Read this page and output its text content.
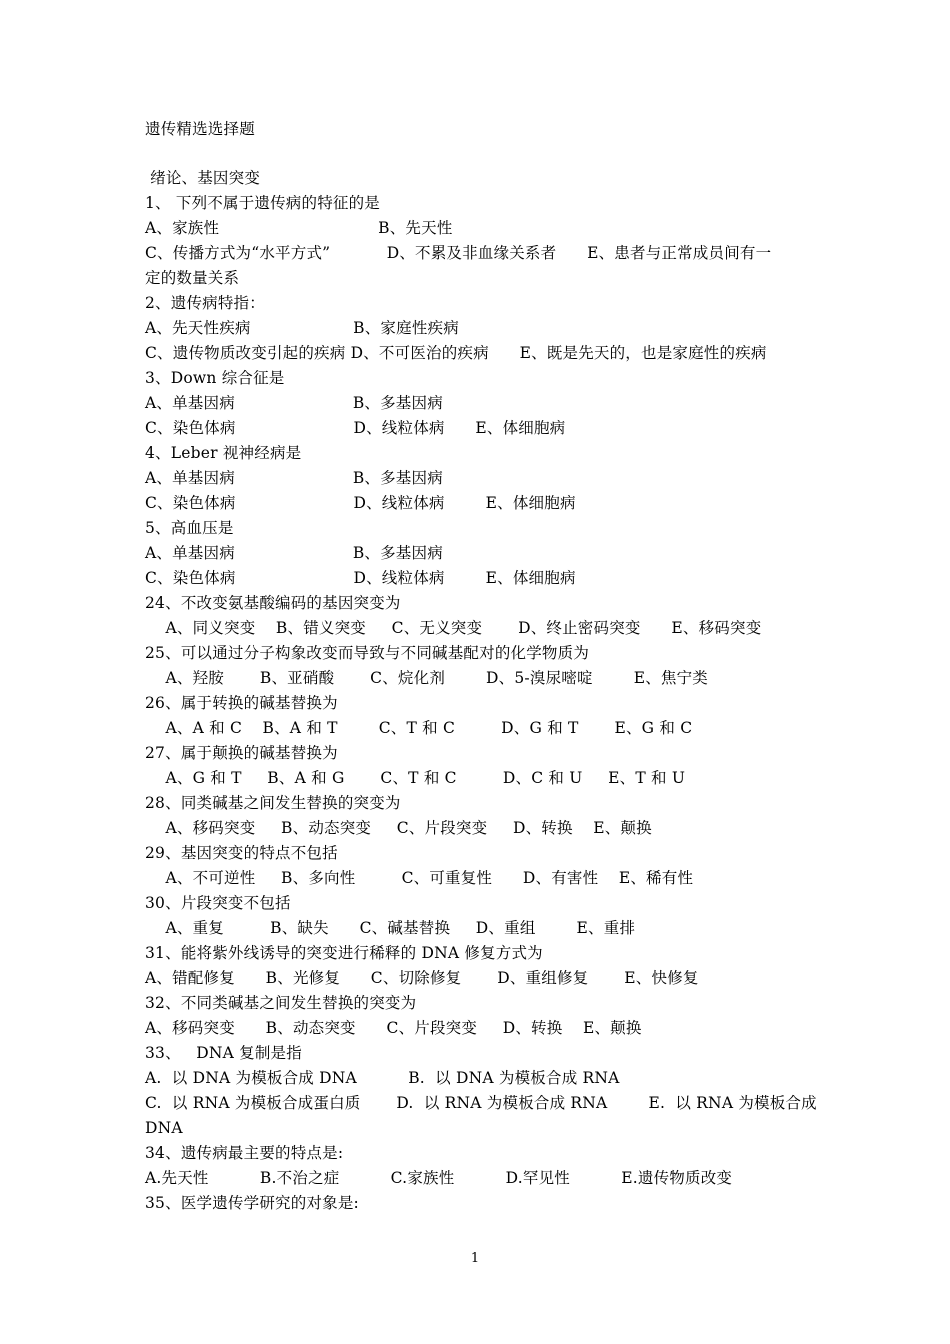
遗传精选选择题
绪论、基因突变
1、 下列不属于遗传病的特征的是
A、家族性                               B、先天性
C、传播方式为“水平方式”           D、不累及非血缘关系者      E、患者与正常成员间有一
定的数量关系
2、遗传病特指：
A、先天性疾病                    B、家庭性疾病
C、遗传物质改变引起的疾病 D、不可医治的疾病      E、既是先天的，也是家庭性的疾病
3、Down 综合征是
A、单基因病                       B、多基因病
C、染色体病                       D、线粒体病      E、体细胞病
4、Leber 视神经病是
A、单基因病                       B、多基因病
C、染色体病                       D、线粒体病        E、体细胞病
5、高血压是
A、单基因病                       B、多基因病
C、染色体病                       D、线粒体病        E、体细胞病
24、不改变氨基酸编码的基因突变为
A、同义突变    B、错义突变     C、无义突变       D、终止密码突变      E、移码突变
25、可以通过分子构象改变而导致与不同碱基配对的化学物质为
A、羟胺       B、亚硝酸       C、烷化剂        D、5-溴尿嘧啶        E、焦宁类
26、属于转换的碱基替换为
A、A 和 C    B、A 和 T        C、T 和 C         D、G 和 T       E、G 和 C
27、属于颠换的碱基替换为
A、G 和 T     B、A 和 G       C、T 和 C         D、C 和 U     E、T 和 U
28、同类碱基之间发生替换的突变为
A、移码突变     B、动态突变     C、片段突变     D、转换    E、颠换
29、基因突变的特点不包括
A、不可逆性     B、多向性         C、可重复性      D、有害性    E、稀有性
30、片段突变不包括
A、重复         B、缺失      C、碱基替换     D、重组        E、重排
31、能将紫外线诱导的突变进行稀释的 DNA 修复方式为
A、错配修复      B、光修复      C、切除修复       D、重组修复       E、快修复
32、不同类碱基之间发生替换的突变为
A、移码突变      B、动态突变      C、片段突变     D、转换    E、颠换
33、   DNA 复制是指
A.  以 DNA 为模板合成 DNA          B.  以 DNA 为模板合成 RNA
C.  以 RNA 为模板合成蛋白质       D.  以 RNA 为模板合成 RNA        E.  以 RNA 为模板合成
DNA
34、遗传病最主要的特点是:
A.先天性          B.不治之症          C.家族性          D.罕见性          E.遗传物质改变
35、医学遗传学研究的对象是:
1
